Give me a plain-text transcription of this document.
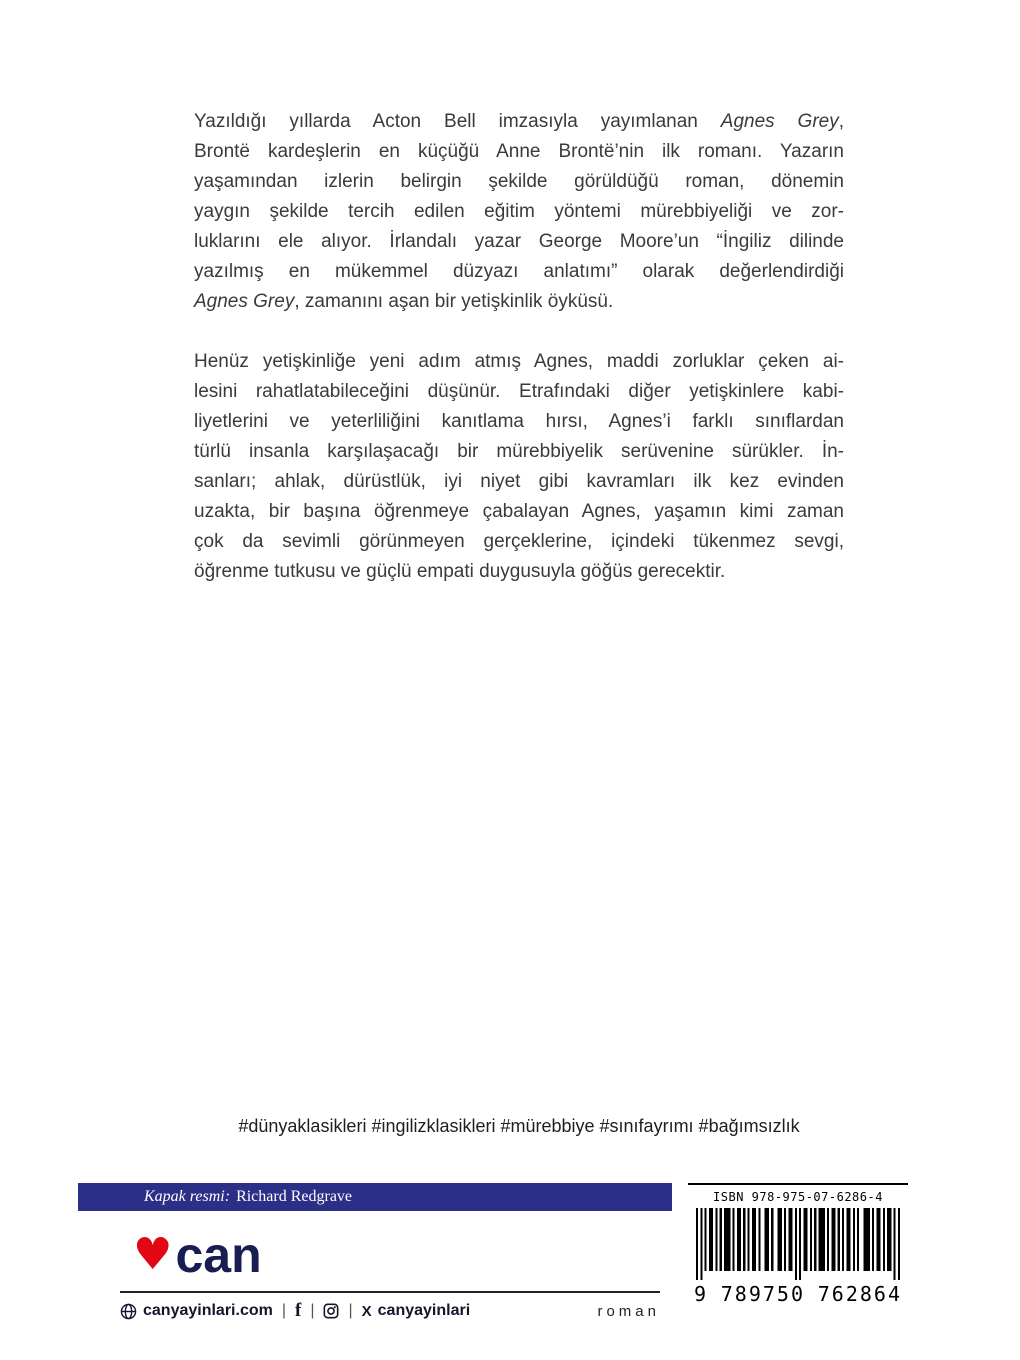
Yazıldığı yıllarda Acton Bell imzasıyla yayımlanan Agnes Grey,
Brontë kardeşlerin en küçüğü Anne Brontë’nin ilk romanı. Yazarın
yaşamından izlerin belirgin şekilde görüldüğü roman, dönemin
yaygın şekilde tercih edilen eğitim yöntemi mürebbiyeliği ve zor-
luklarını ele alıyor. İrlandalı yazar George Moore’un “İngiliz dilinde
yazılmış en mükemmel düzyazı anlatımı” olarak değerlendirdiği
Agnes Grey, zamanını aşan bir yetişkinlik öyküsü.
Henüz yetişkinliğe yeni adım atmış Agnes, maddi zorluklar çeken ai-
lesini rahatlatabileceğini düşünür. Etrafındaki diğer yetişkinlere kabi-
liyetlerini ve yeterliliğini kanıtlama hırsı, Agnes’i farklı sınıflardan
türlü insanla karşılaşacağı bir mürebbiyelik serüvenine sürükler. İn-
sanları; ahlak, dürüstlük, iyi niyet gibi kavramları ilk kez evinden
uzakta, bir başına öğrenmeye çabalayan Agnes, yaşamın kimi zaman
çok da sevimli görünmeyen gerçeklerine, içindeki tükenmez sevgi,
öğrenme tutkusu ve güçlü empati duygusuyla göğüs gerecektir.
#dünyaklasikleri #ingilizklasikleri #mürebbiye #sınıfayrımı #bağımsızlık
Kapak resmi: Richard Redgrave	ISBN 978-975-07-6286-4
9 789750 762864
♥ can
canyayinlari.com | f | | X canyayinlari	roman
